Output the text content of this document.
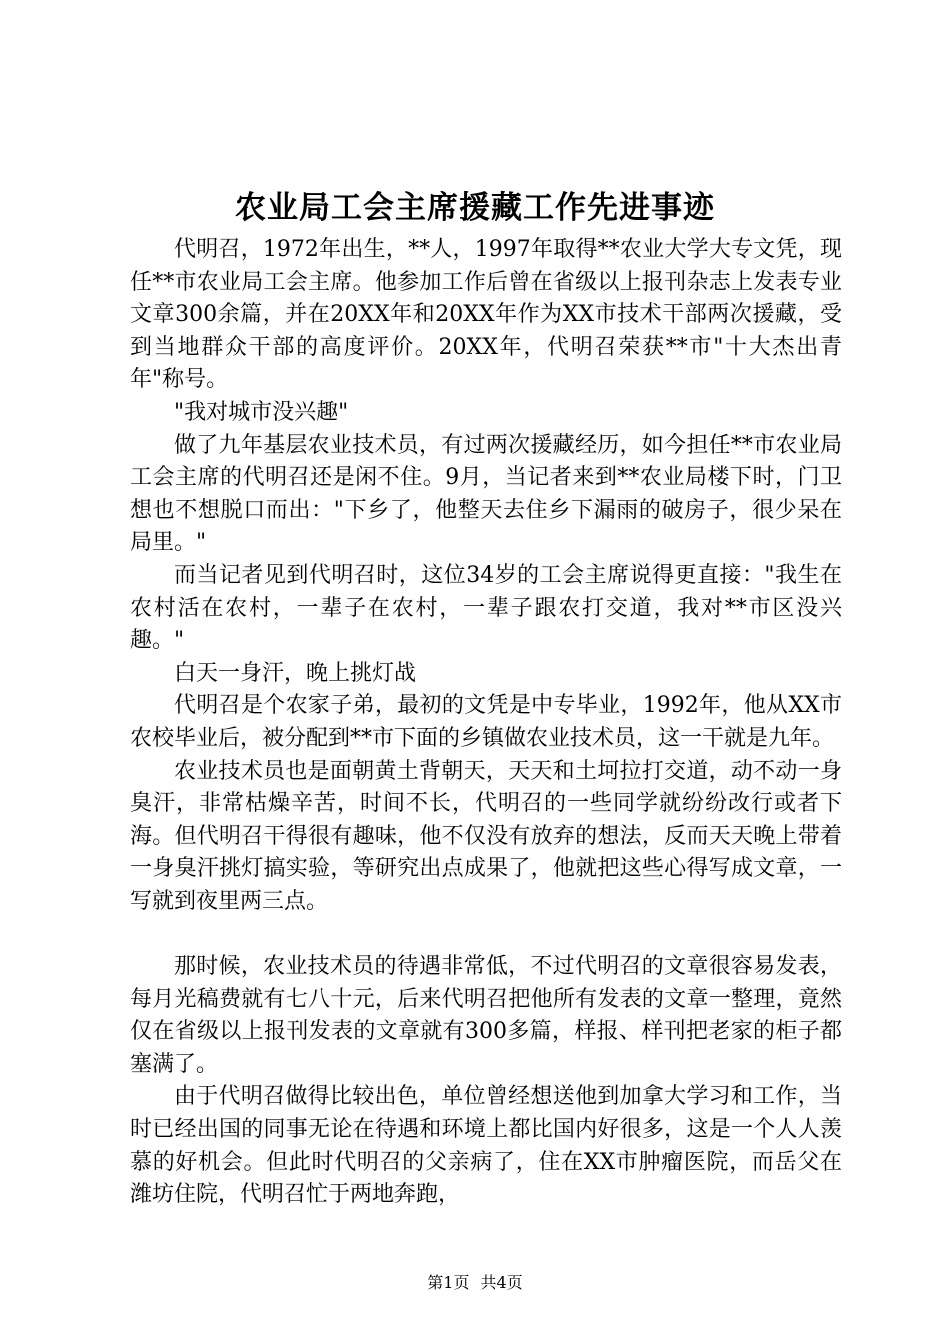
农业局工会主席援藏工作先进事迹

代明召，1972年出生，**人，1997年取得**农业大学大专文凭，现任**市农业局工会主席。他参加工作后曾在省级以上报刊杂志上发表专业文章300余篇，并在20XX年和20XX年作为XX市技术干部两次援藏，受到当地群众干部的高度评价。20XX年，代明召荣获**市"十大杰出青年"称号。

"我对城市没兴趣"

做了九年基层农业技术员，有过两次援藏经历，如今担任**市农业局工会主席的代明召还是闲不住。9月，当记者来到**农业局楼下时，门卫想也不想脱口而出："下乡了，他整天去住乡下漏雨的破房子，很少呆在局里。"

而当记者见到代明召时，这位34岁的工会主席说得更直接："我生在农村活在农村，一辈子在农村，一辈子跟农打交道，我对**市区没兴趣。"

白天一身汗，晚上挑灯战

代明召是个农家子弟，最初的文凭是中专毕业，1992年，他从XX市农校毕业后，被分配到**市下面的乡镇做农业技术员，这一干就是九年。

农业技术员也是面朝黄土背朝天，天天和土坷拉打交道，动不动一身臭汗，非常枯燥辛苦，时间不长，代明召的一些同学就纷纷改行或者下海。但代明召干得很有趣味，他不仅没有放弃的想法，反而天天晚上带着一身臭汗挑灯搞实验，等研究出点成果了，他就把这些心得写成文章，一写就到夜里两三点。

那时候，农业技术员的待遇非常低，不过代明召的文章很容易发表，每月光稿费就有七八十元，后来代明召把他所有发表的文章一整理，竟然仅在省级以上报刊发表的文章就有300多篇，样报、样刊把老家的柜子都塞满了。

由于代明召做得比较出色，单位曾经想送他到加拿大学习和工作，当时已经出国的同事无论在待遇和环境上都比国内好很多，这是一个人人羡慕的好机会。但此时代明召的父亲病了，住在XX市肿瘤医院，而岳父在潍坊住院，代明召忙于两地奔跑，

第1页 共4页
